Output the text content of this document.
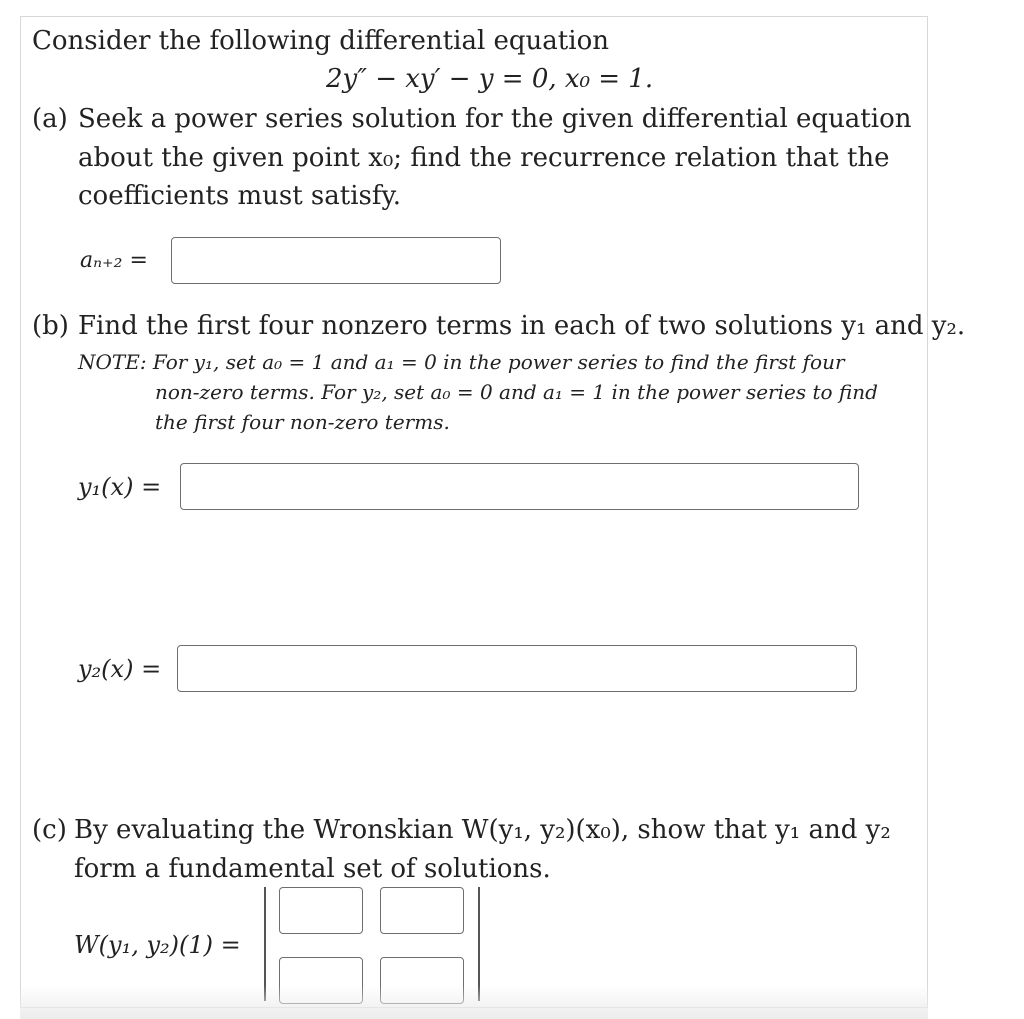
Consider the following differential equation
2y″ − xy′ − y = 0, x₀ = 1.
(a) Seek a power series solution for the given differential equation
about the given point x₀; find the recurrence relation that the
coefficients must satisfy.
aₙ₊₂ =
(b) Find the first four nonzero terms in each of two solutions y₁ and y₂.
NOTE: For y₁, set a₀ = 1 and a₁ = 0 in the power series to find the first four
non-zero terms. For y₂, set a₀ = 0 and a₁ = 1 in the power series to find
the first four non-zero terms.
y₁(x) =
y₂(x) =
(c) By evaluating the Wronskian W(y₁, y₂)(x₀), show that y₁ and y₂
form a fundamental set of solutions.
W(y₁, y₂)(1) =
